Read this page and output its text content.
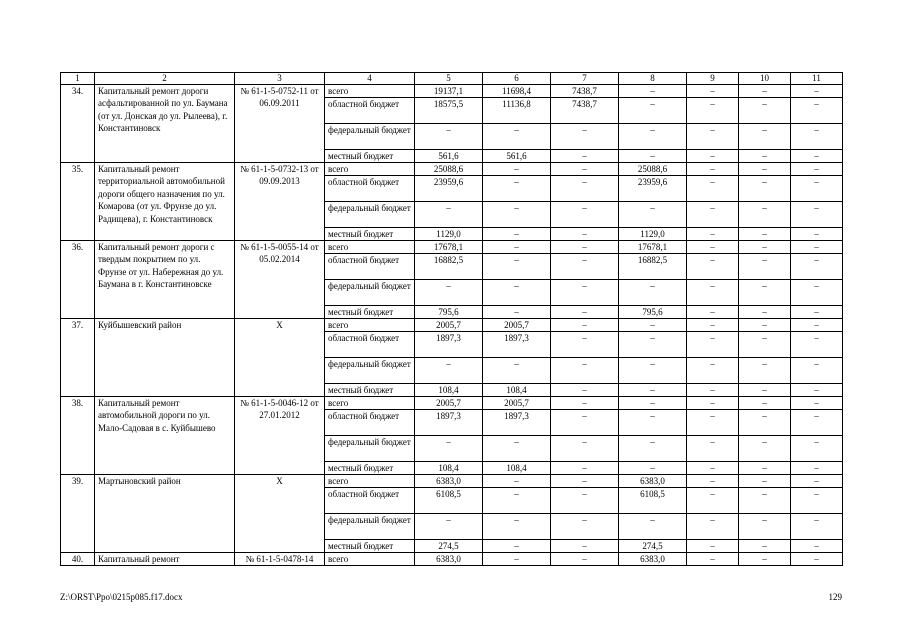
1	2	3	4	5	6	7	8	9	10	11
34.	Капитальный ремонт дороги асфальтированной по ул. Баумана (от ул. Донская до ул. Рылеева), г. Константиновск	№ 61-1-5-0752-11 от 06.09.2011	всего	19137,1	11698,4	7438,7	–	–	–	–
			областной бюджет	18575,5	11136,8	7438,7	–	–	–	–
			федеральный бюджет	–	–	–	–	–	–	–
			местный бюджет	561,6	561,6	–	–	–	–	–
35.	Капитальный ремонт территориальной автомобильной дороги общего назначения по ул. Комарова (от ул. Фрунзе до ул. Радищева), г. Константиновск	№ 61-1-5-0732-13 от 09.09.2013	всего	25088,6	–	–	25088,6	–	–	–
			областной бюджет	23959,6	–	–	23959,6	–	–	–
			федеральный бюджет	–	–	–	–	–	–	–
			местный бюджет	1129,0	–	–	1129,0	–	–	–
36.	Капитальный ремонт дороги с твердым покрытием по ул. Фрунзе от ул. Набережная до ул. Баумана в г. Константиновске	№ 61-1-5-0055-14 от 05.02.2014	всего	17678,1	–	–	17678,1	–	–	–
			областной бюджет	16882,5	–	–	16882,5	–	–	–
			федеральный бюджет	–	–	–	–	–	–	–
			местный бюджет	795,6	–	–	795,6	–	–	–
37.	Куйбышевский район	X	всего	2005,7	2005,7	–	–	–	–	–
			областной бюджет	1897,3	1897,3	–	–	–	–	–
			федеральный бюджет	–	–	–	–	–	–	–
			местный бюджет	108,4	108,4	–	–	–	–	–
38.	Капитальный ремонт автомобильной дороги по ул. Мало-Садовая в с. Куйбышево	№ 61-1-5-0046-12 от 27.01.2012	всего	2005,7	2005,7	–	–	–	–	–
			областной бюджет	1897,3	1897,3	–	–	–	–	–
			федеральный бюджет	–	–	–	–	–	–	–
			местный бюджет	108,4	108,4	–	–	–	–	–
39.	Мартыновский район	X	всего	6383,0	–	–	6383,0	–	–	–
			областной бюджет	6108,5	–	–	6108,5	–	–	–
			федеральный бюджет	–	–	–	–	–	–	–
			местный бюджет	274,5	–	–	274,5	–	–	–
40.	Капитальный ремонт	№ 61-1-5-0478-14	всего	6383,0	–	–	6383,0	–	–	–
Z:\ORST\Ppo\0215p085.f17.docx	129
